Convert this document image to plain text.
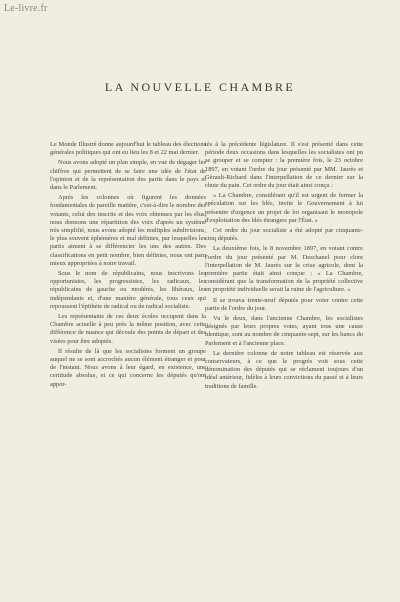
Le-livre.fr
LA NOUVELLE CHAMBRE

Le Monde Illustré donne aujourd'hui le tableau des élections générales politiques qui ont eu lieu les 8 et 22 mai dernier.

Nous avons adopté un plan simple, en vue de dégager les chiffres qui permettent de se faire une idée de l'état de l'opinion et de la représentation des partis dans le pays et dans le Parlement.

Après les colonnes où figurent les données fondamentales de pareille matière, c'est-à-dire le nombre des votants, celui des inscrits et des voix obtenues par les élus, nous donnons une répartition des voix d'après un système très simplifié, nous avons adopté les multiples subdivisions, le plus souvent éphémères et mal définies, par lesquelles les partis aiment à se différencier les uns des autres. Des classifications en petit nombre, bien définies, nous ont paru mieux appropriées à notre travail.

Sous le nom de républicains, nous inscrivons les opportunistes, les progressistes, les radicaux, les républicains de gauche ou modérés, les libéraux, les indépendants et, d'une manière générale, tous ceux qui repoussent l'épithète de radical ou de radical socialiste.

Les représentants de ces deux écoles occupent dans la Chambre actuelle à peu près la même position, avec cette différence de nuance qui découle des points de départ et des visées pour être adoptés.

Il résulte de là que les socialistes forment un groupe auquel ne se sont accrochés aucun élément étranger et pour de l'instant. Nous avons à leur égard, en existence, une certitude absolue, et ce qui concerne les députés qu'ont appor-

tés à la précédente législature. Il s'est présenté dans cette période deux occasions dans lesquelles les socialistes ont pu se grouper et se compter : la première fois, le 23 octobre 1897, en votant l'ordre du jour présenté par MM. Jaurès et Gérault-Richard dans l'interpellation de ce dernier sur la chute du pain. Cet ordre du jour était ainsi conçu :

« La Chambre, considérant qu'il est urgent de fermer la spéculation sur les blés, invite le Gouvernement à lui présenter d'urgence un projet de loi organisant le monopole d'exploitation des blés étrangers par l'État. »

Cet ordre du jour socialiste a été adopté par cinquante-cinq députés.

La deuxième fois, le 8 novembre 1897, en votant contre l'ordre du jour présenté par M. Deschanel pour clore l'interpellation de M. Jaurès sur la crise agricole, dont la première partie était ainsi conçue : « La Chambre, considérant que la transformation de la propriété collective en propriété individuelle serait la ruine de l'agriculture. »

Il se trouva trente-neuf députés pour voter contre cette partie de l'ordre du jour.

Vu le deux, dans l'ancienne Chambre, les socialistes désignés par leurs propres votes, ayant tous une cause identique, sont au nombre de cinquante-sept, sur les bancs du Parlement et à l'ancienne place.

La dernière colonne de notre tableau est réservée aux conservateurs, à ce que le progrès voit sous cette dénomination des députés qui se réclament toujours d'un idéal antérieur, fidèles à leurs convictions du passé et à leurs traditions de famille.
